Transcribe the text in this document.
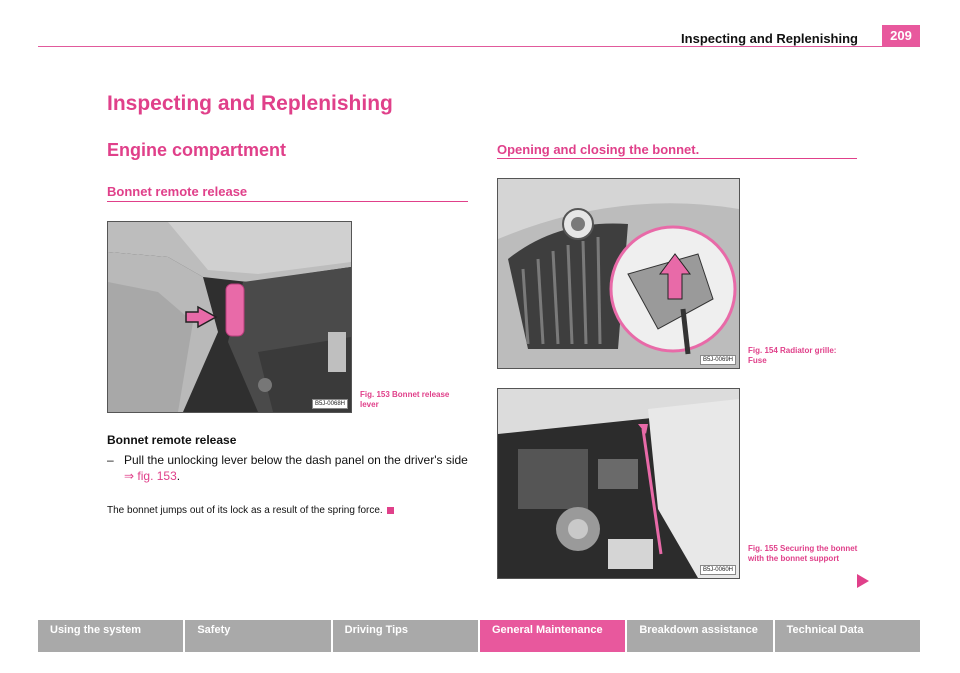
Inspecting and Replenishing	209
Inspecting and Replenishing
Engine compartment
Bonnet remote release
B5J-0068H
Fig. 153 Bonnet release lever
Bonnet remote release
– Pull the unlocking lever below the dash panel on the driver's side ⇒ fig. 153.
The bonnet jumps out of its lock as a result of the spring force.
Opening and closing the bonnet.
B5J-0069H
Fig. 154 Radiator grille: Fuse
B5J-0060H
Fig. 155 Securing the bonnet with the bonnet support
Using the system	Safety	Driving Tips	General Maintenance	Breakdown assistance	Technical Data
